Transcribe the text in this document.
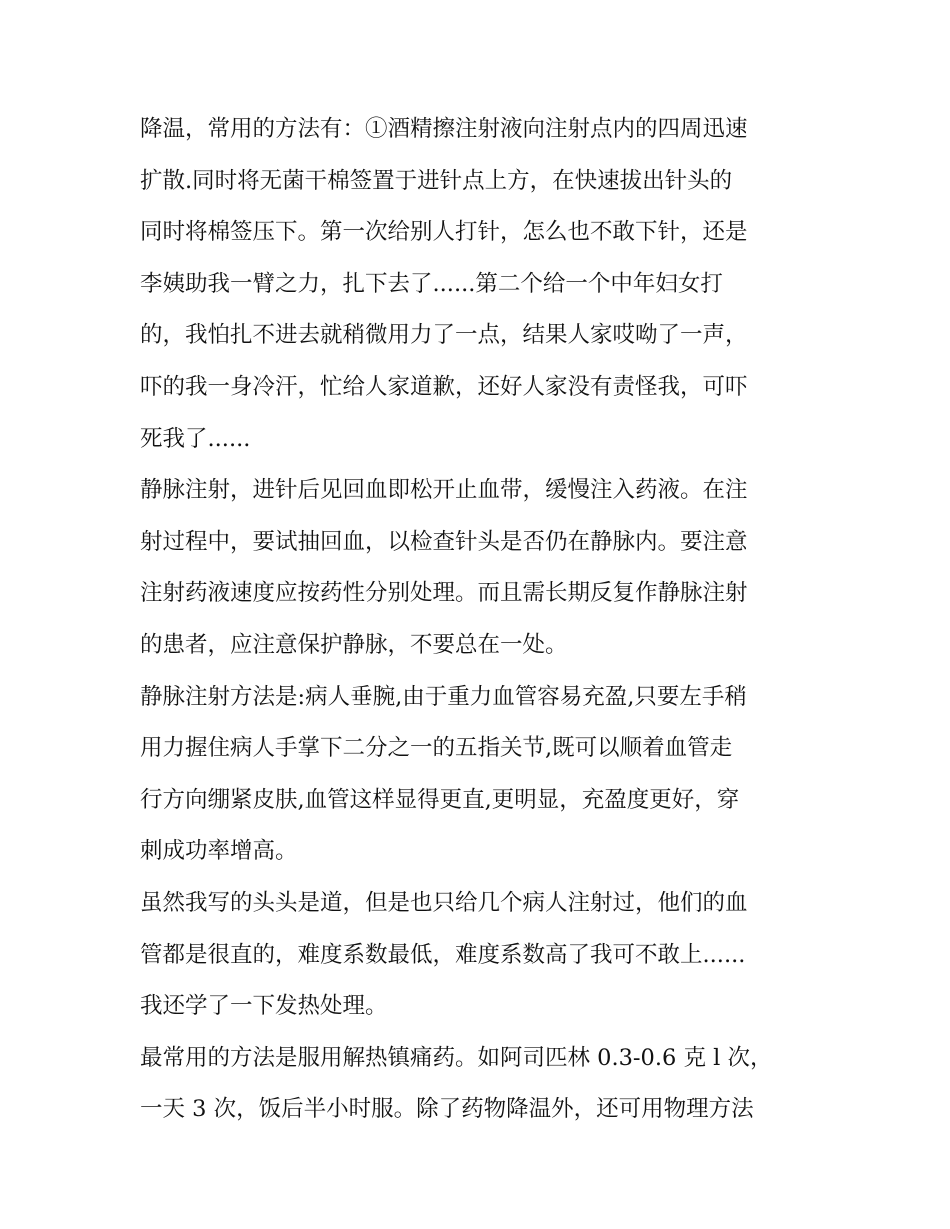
降温，常用的方法有：①酒精擦注射液向注射点内的四周迅速
扩散.同时将无菌干棉签置于进针点上方，在快速拔出针头的
同时将棉签压下。第一次给别人打针，怎么也不敢下针，还是
李姨助我一臂之力，扎下去了......第二个给一个中年妇女打
的，我怕扎不进去就稍微用力了一点，结果人家哎呦了一声，
吓的我一身冷汗，忙给人家道歉，还好人家没有责怪我，可吓
死我了......
静脉注射，进针后见回血即松开止血带，缓慢注入药液。在注
射过程中，要试抽回血，以检查针头是否仍在静脉内。要注意
注射药液速度应按药性分别处理。而且需长期反复作静脉注射
的患者，应注意保护静脉，不要总在一处。
静脉注射方法是:病人垂腕,由于重力血管容易充盈,只要左手稍
用力握住病人手掌下二分之一的五指关节,既可以顺着血管走
行方向绷紧皮肤,血管这样显得更直,更明显，充盈度更好，穿
刺成功率增高。
虽然我写的头头是道，但是也只给几个病人注射过，他们的血
管都是很直的，难度系数最低，难度系数高了我可不敢上......
我还学了一下发热处理。
最常用的方法是服用解热镇痛药。如阿司匹林 0.3-0.6 克 l 次，
一天 3 次，饭后半小时服。除了药物降温外，还可用物理方法
